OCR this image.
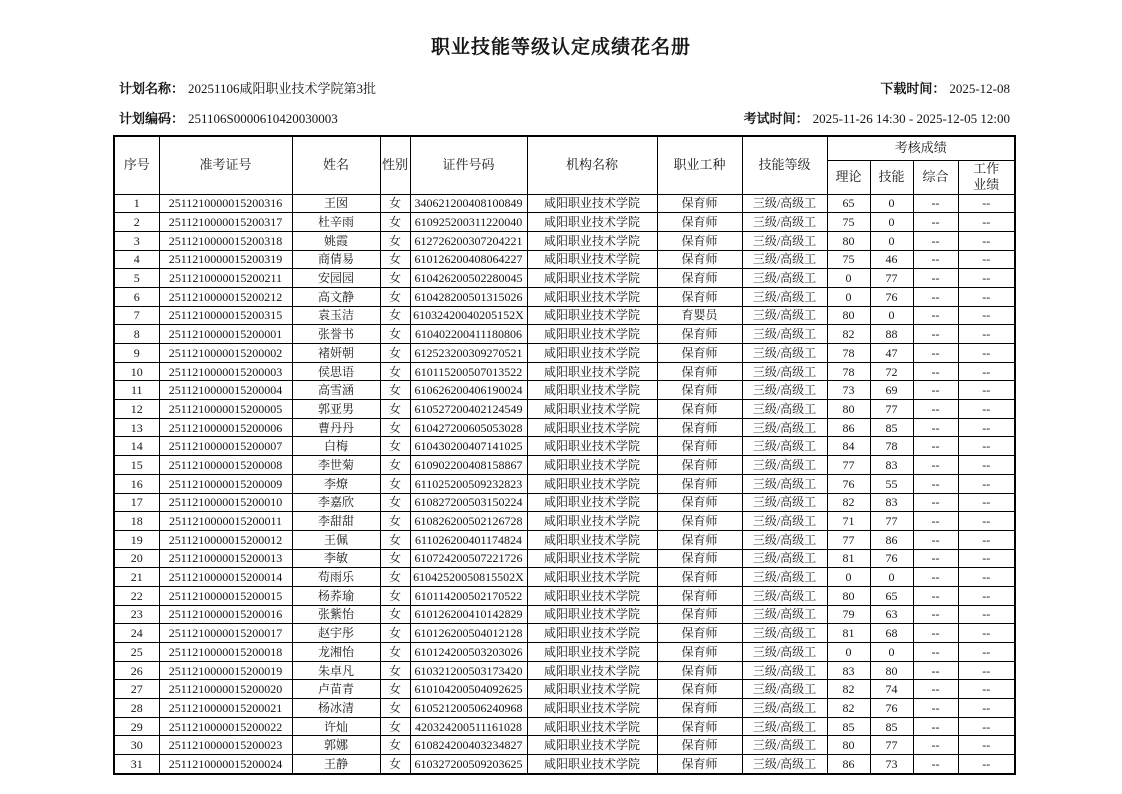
职业技能等级认定成绩花名册
计划名称： 20251106咸阳职业技术学院第3批	下载时间： 2025-12-08
计划编码： 251106S0000610420030003	考试时间： 2025-11-26 14:30 - 2025-12-05 12:00
序号	准考证号	姓名	性别	证件号码	机构名称	职业工种	技能等级	考核成绩			
								理论	技能	综合	工作业绩
1	2511210000015200316	王囡	女	340621200408100849	咸阳职业技术学院	保育师	三级/高级工	65	0	--	--
2	2511210000015200317	杜辛雨	女	610925200311220040	咸阳职业技术学院	保育师	三级/高级工	75	0	--	--
3	2511210000015200318	姚霞	女	612726200307204221	咸阳职业技术学院	保育师	三级/高级工	80	0	--	--
4	2511210000015200319	商倩易	女	610126200408064227	咸阳职业技术学院	保育师	三级/高级工	75	46	--	--
5	2511210000015200211	安园园	女	610426200502280045	咸阳职业技术学院	保育师	三级/高级工	0	77	--	--
6	2511210000015200212	高文静	女	610428200501315026	咸阳职业技术学院	保育师	三级/高级工	0	76	--	--
7	2511210000015200315	袁玉洁	女	61032420040205152X	咸阳职业技术学院	育婴员	三级/高级工	80	0	--	--
8	2511210000015200001	张誉书	女	610402200411180806	咸阳职业技术学院	保育师	三级/高级工	82	88	--	--
9	2511210000015200002	褚妍朝	女	612523200309270521	咸阳职业技术学院	保育师	三级/高级工	78	47	--	--
10	2511210000015200003	侯思语	女	610115200507013522	咸阳职业技术学院	保育师	三级/高级工	78	72	--	--
11	2511210000015200004	高雪涵	女	610626200406190024	咸阳职业技术学院	保育师	三级/高级工	73	69	--	--
12	2511210000015200005	郭亚男	女	610527200402124549	咸阳职业技术学院	保育师	三级/高级工	80	77	--	--
13	2511210000015200006	曹丹丹	女	610427200605053028	咸阳职业技术学院	保育师	三级/高级工	86	85	--	--
14	2511210000015200007	白梅	女	610430200407141025	咸阳职业技术学院	保育师	三级/高级工	84	78	--	--
15	2511210000015200008	李世菊	女	610902200408158867	咸阳职业技术学院	保育师	三级/高级工	77	83	--	--
16	2511210000015200009	李燎	女	611025200509232823	咸阳职业技术学院	保育师	三级/高级工	76	55	--	--
17	2511210000015200010	李嘉欣	女	610827200503150224	咸阳职业技术学院	保育师	三级/高级工	82	83	--	--
18	2511210000015200011	李甜甜	女	610826200502126728	咸阳职业技术学院	保育师	三级/高级工	71	77	--	--
19	2511210000015200012	王佩	女	611026200401174824	咸阳职业技术学院	保育师	三级/高级工	77	86	--	--
20	2511210000015200013	李敏	女	610724200507221726	咸阳职业技术学院	保育师	三级/高级工	81	76	--	--
21	2511210000015200014	苟雨乐	女	61042520050815502X	咸阳职业技术学院	保育师	三级/高级工	0	0	--	--
22	2511210000015200015	杨荞瑜	女	610114200502170522	咸阳职业技术学院	保育师	三级/高级工	80	65	--	--
23	2511210000015200016	张紫怡	女	610126200410142829	咸阳职业技术学院	保育师	三级/高级工	79	63	--	--
24	2511210000015200017	赵宇彤	女	610126200504012128	咸阳职业技术学院	保育师	三级/高级工	81	68	--	--
25	2511210000015200018	龙湘怡	女	610124200503203026	咸阳职业技术学院	保育师	三级/高级工	0	0	--	--
26	2511210000015200019	朱卓凡	女	610321200503173420	咸阳职业技术学院	保育师	三级/高级工	83	80	--	--
27	2511210000015200020	卢苗青	女	610104200504092625	咸阳职业技术学院	保育师	三级/高级工	82	74	--	--
28	2511210000015200021	杨冰清	女	610521200506240968	咸阳职业技术学院	保育师	三级/高级工	82	76	--	--
29	2511210000015200022	许灿	女	420324200511161028	咸阳职业技术学院	保育师	三级/高级工	85	85	--	--
30	2511210000015200023	郭娜	女	610824200403234827	咸阳职业技术学院	保育师	三级/高级工	80	77	--	--
31	2511210000015200024	王静	女	610327200509203625	咸阳职业技术学院	保育师	三级/高级工	86	73	--	--
